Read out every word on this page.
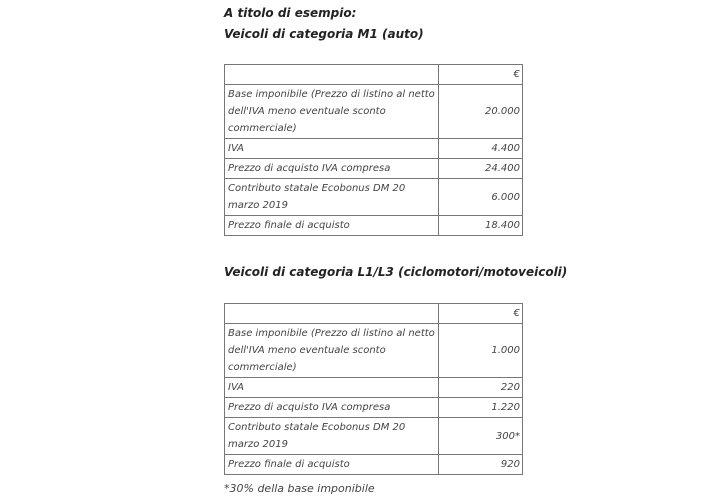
A titolo di esempio:

Veicoli di categoria M1 (auto)

	€
Base imponibile (Prezzo di listino al netto dell'IVA meno eventuale sconto commerciale)	20.000
IVA	4.400
Prezzo di acquisto IVA compresa	24.400
Contributo statale Ecobonus DM 20 marzo 2019	6.000
Prezzo finale di acquisto	18.400

Veicoli di categoria L1/L3 (ciclomotori/motoveicoli)

	€
Base imponibile (Prezzo di listino al netto dell'IVA meno eventuale sconto commerciale)	1.000
IVA	220
Prezzo di acquisto IVA compresa	1.220
Contributo statale Ecobonus DM 20 marzo 2019	300*
Prezzo finale di acquisto	920
*30% della base imponibile
